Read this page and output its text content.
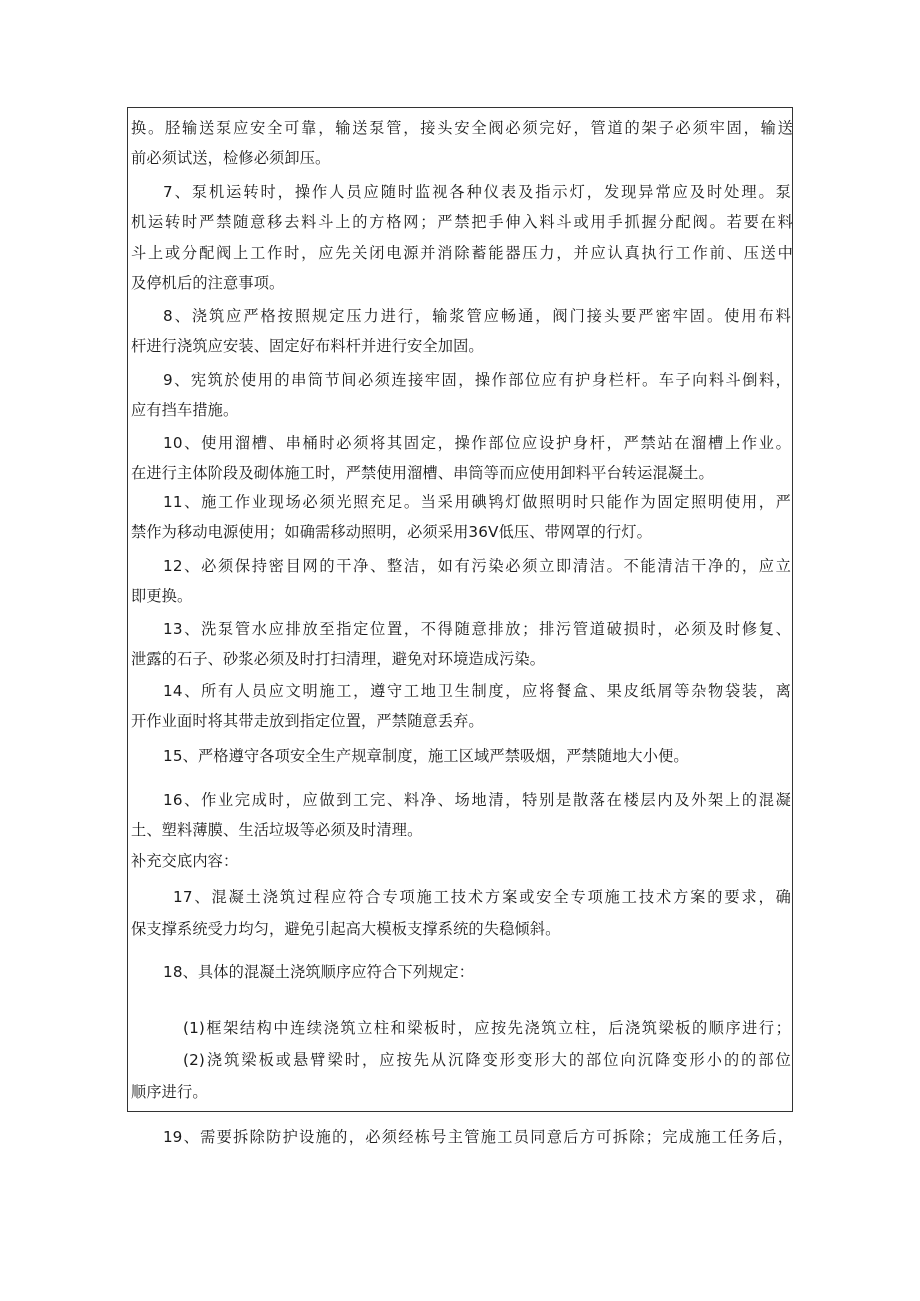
换。胫输送泵应安全可靠，输送泵管，接头安全阀必须完好，管道的架子必须牢固，输送
前必须试送，检修必须卸压。
7、泵机运转时，操作人员应随时监视各种仪表及指示灯，发现异常应及时处理。泵
机运转时严禁随意移去料斗上的方格网；严禁把手伸入料斗或用手抓握分配阀。若要在料
斗上或分配阀上工作时，应先关闭电源并消除蓄能器压力，并应认真执行工作前、压送中
及停机后的注意事项。
8、浇筑应严格按照规定压力进行，输浆管应畅通，阀门接头要严密牢固。使用布料
杆进行浇筑应安装、固定好布料杆并进行安全加固。
9、宪筑於使用的串筒节间必须连接牢固，操作部位应有护身栏杆。车子向料斗倒料，
应有挡车措施。
10、使用溜槽、串桶时必须将其固定，操作部位应设护身杆，严禁站在溜槽上作业。
在进行主体阶段及砌体施工时，严禁使用溜槽、串筒等而应使用卸料平台转运混凝土。
11、施工作业现场必须光照充足。当采用碘鸨灯做照明时只能作为固定照明使用，严
禁作为移动电源使用；如确需移动照明，必须采用36V低压、带网罩的行灯。
12、必须保持密目网的干净、整洁，如有污染必须立即清洁。不能清洁干净的，应立
即更换。
13、洗泵管水应排放至指定位置，不得随意排放；排污管道破损时，必须及时修复、
泄露的石子、砂浆必须及时打扫清理，避免对环境造成污染。
14、所有人员应文明施工，遵守工地卫生制度，应将餐盒、果皮纸屑等杂物袋装，离
开作业面时将其带走放到指定位置，严禁随意丢弃。
15、严格遵守各项安全生产规章制度，施工区域严禁吸烟，严禁随地大小便。
16、作业完成时，应做到工完、料净、场地清，特别是散落在楼层内及外架上的混凝
土、塑料薄膜、生活垃圾等必须及时清理。
补充交底内容：
17、混凝土浇筑过程应符合专项施工技术方案或安全专项施工技术方案的要求，确
保支撑系统受力均匀，避免引起高大模板支撑系统的失稳倾斜。
18、具体的混凝土浇筑顺序应符合下列规定：
(1)框架结构中连续浇筑立柱和梁板时，应按先浇筑立柱，后浇筑梁板的顺序进行；
(2)浇筑梁板或悬臂梁时，应按先从沉降变形变形大的部位向沉降变形小的的部位
顺序进行。
19、需要拆除防护设施的，必须经栋号主管施工员同意后方可拆除；完成施工任务后，
